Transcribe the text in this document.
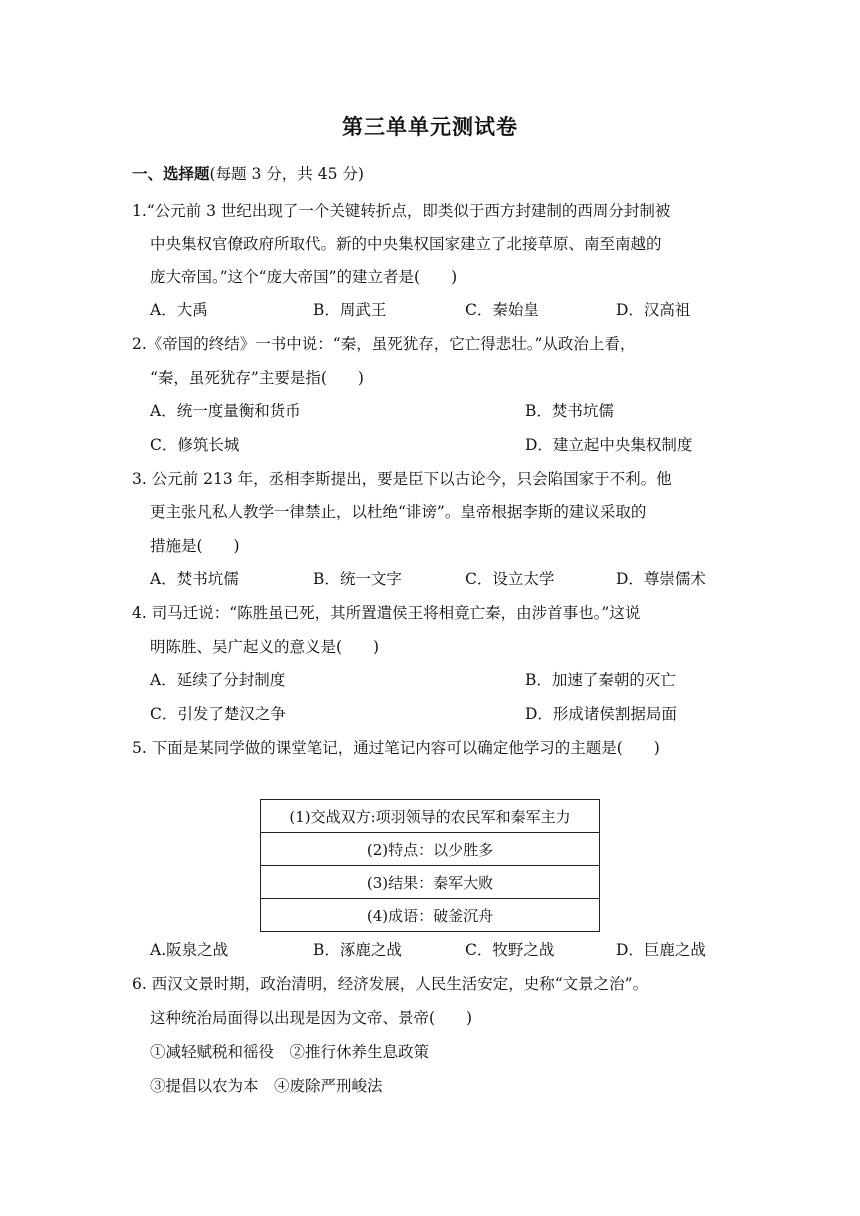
第三单单元测试卷
一、选择题(每题 3 分，共 45 分)
1.“公元前 3 世纪出现了一个关键转折点，即类似于西方封建制的西周分封制被
中央集权官僚政府所取代。新的中央集权国家建立了北接草原、南至南越的
庞大帝国。”这个“庞大帝国”的建立者是(　　)
A．大禹	B．周武王	C．秦始皇	D．汉高祖
2.《帝国的终结》一书中说：“秦，虽死犹存，它亡得悲壮。”从政治上看，
“秦，虽死犹存”主要是指(　　)
A．统一度量衡和货币	B．焚书坑儒
C．修筑长城	D．建立起中央集权制度
3. 公元前 213 年，丞相李斯提出，要是臣下以古论今，只会陷国家于不利。他
更主张凡私人教学一律禁止，以杜绝“诽谤”。皇帝根据李斯的建议采取的
措施是(　　)
A．焚书坑儒	B．统一文字	C．设立太学	D．尊崇儒术
4. 司马迁说：“陈胜虽已死，其所置遣侯王将相竟亡秦，由涉首事也。”这说
明陈胜、吴广起义的意义是(　　)
A．延续了分封制度	B．加速了秦朝的灭亡
C．引发了楚汉之争	D．形成诸侯割据局面
5. 下面是某同学做的课堂笔记，通过笔记内容可以确定他学习的主题是(　　)
(1)交战双方:项羽领导的农民军和秦军主力
(2)特点：以少胜多
(3)结果：秦军大败
(4)成语：破釜沉舟
A.阪泉之战	B．涿鹿之战	C．牧野之战	D．巨鹿之战
6. 西汉文景时期，政治清明，经济发展，人民生活安定，史称“文景之治”。
这种统治局面得以出现是因为文帝、景帝(　　)
①减轻赋税和徭役　②推行休养生息政策
③提倡以农为本　④废除严刑峻法
